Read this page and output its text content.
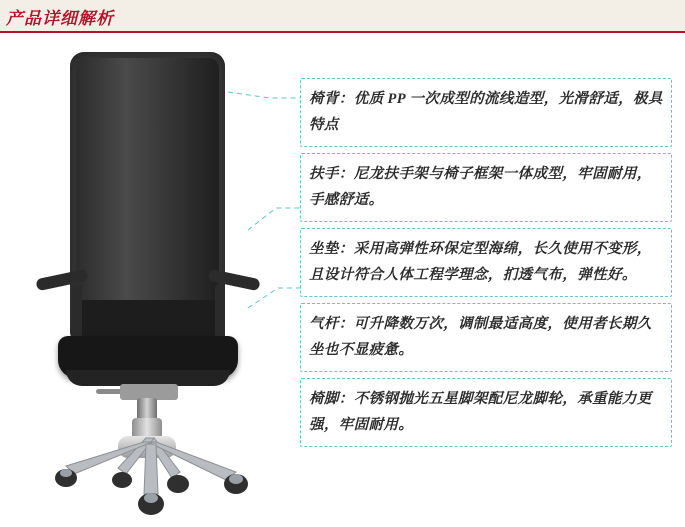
产品详细解析
椅背：优质 PP 一次成型的流线造型，光滑舒适，极具特点
扶手：尼龙扶手架与椅子框架一体成型，牢固耐用，手感舒适。
坐垫：采用高弹性环保定型海绵，长久使用不变形，且设计符合人体工程学理念，扪透气布，弹性好。
气杆：可升降数万次，调制最适高度，使用者长期久坐也不显疲惫。
椅脚：不锈钢抛光五星脚架配尼龙脚轮，承重能力更强，牢固耐用。
